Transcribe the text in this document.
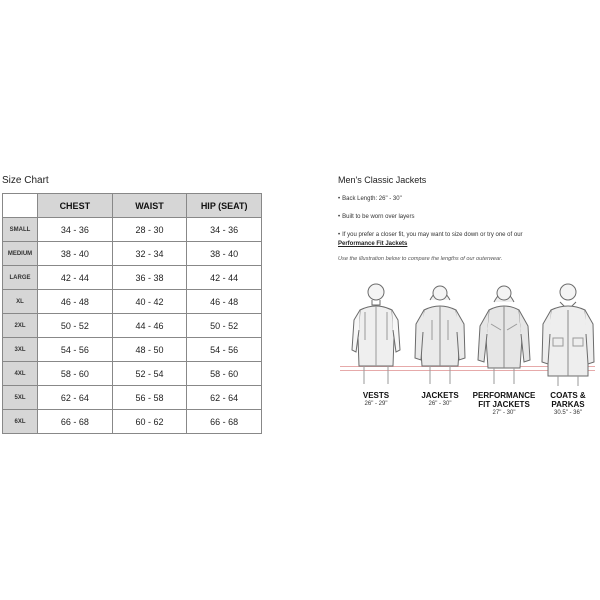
Size Chart
	CHEST	WAIST	HIP (SEAT)
SMALL	34 - 36	28 - 30	34 - 36
MEDIUM	38 - 40	32 - 34	38 - 40
LARGE	42 - 44	36 - 38	42 - 44
XL	46 - 48	40 - 42	46 - 48
2XL	50 - 52	44 - 46	50 - 52
3XL	54 - 56	48 - 50	54 - 56
4XL	58 - 60	52 - 54	58 - 60
5XL	62 - 64	56 - 58	62 - 64
6XL	66 - 68	60 - 62	66 - 68
Men's Classic Jackets
• Back Length: 26" - 30"
• Built to be worn over layers
• If you prefer a closer fit, you may want to size down or try one of our
Performance Fit Jackets
Use the illustration below to compare the lengths of our outerwear.
VESTS
26" - 29"
JACKETS
26" - 30"
PERFORMANCE
FIT JACKETS
27" - 30"
COATS &
PARKAS
30.5" - 36"
